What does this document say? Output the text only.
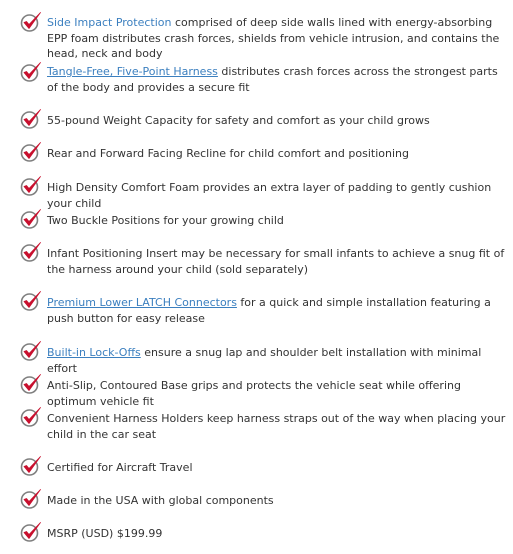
Side Impact Protection comprised of deep side walls lined with energy-absorbing EPP foam distributes crash forces, shields from vehicle intrusion, and contains the head, neck and body
Tangle-Free, Five-Point Harness distributes crash forces across the strongest parts of the body and provides a secure fit
55-pound Weight Capacity for safety and comfort as your child grows
Rear and Forward Facing Recline for child comfort and positioning
High Density Comfort Foam provides an extra layer of padding to gently cushion your child
Two Buckle Positions for your growing child
Infant Positioning Insert may be necessary for small infants to achieve a snug fit of the harness around your child (sold separately)
Premium Lower LATCH Connectors for a quick and simple installation featuring a push button for easy release
Built-in Lock-Offs ensure a snug lap and shoulder belt installation with minimal effort
Anti-Slip, Contoured Base grips and protects the vehicle seat while offering optimum vehicle fit
Convenient Harness Holders keep harness straps out of the way when placing your child in the car seat
Certified for Aircraft Travel
Made in the USA with global components
MSRP (USD) $199.99
